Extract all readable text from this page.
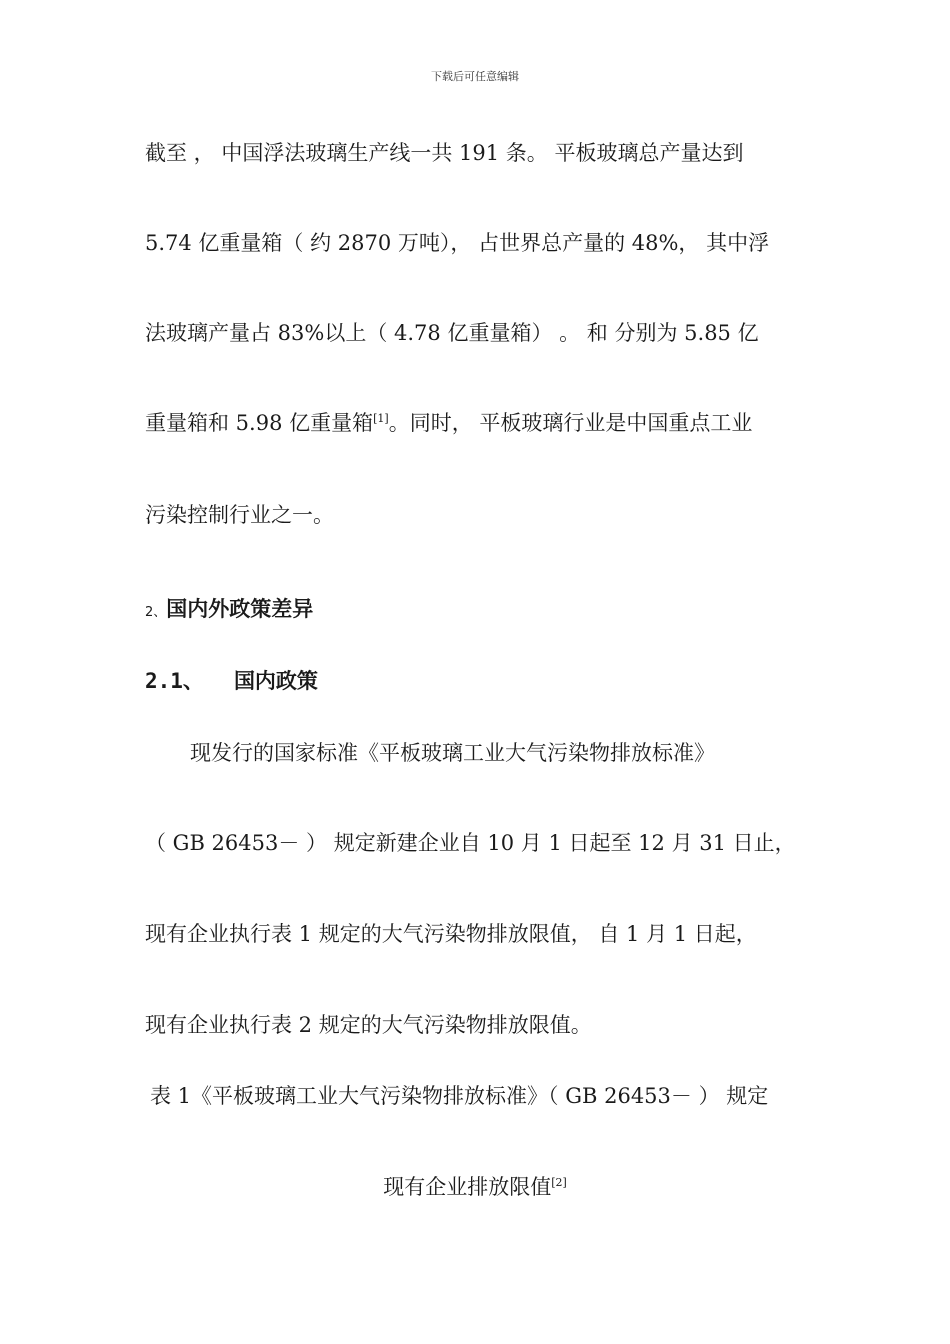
下载后可任意编辑
截至 ， 中国浮法玻璃生产线一共 191 条。 平板玻璃总产量达到
5.74 亿重量箱（ 约 2870 万吨）， 占世界总产量的 48%， 其中浮
法玻璃产量占 83%以上（ 4.78 亿重量箱） 。 和 分别为 5.85 亿
重量箱和 5.98 亿重量箱[1]。同时， 平板玻璃行业是中国重点工业
污染控制行业之一。
2、国内外政策差异
2.1、 国内政策
现发行的国家标准《平板玻璃工业大气污染物排放标准》
（ GB 26453－ ） 规定新建企业自 10 月 1 日起至 12 月 31 日止，
现有企业执行表 1 规定的大气污染物排放限值， 自 1 月 1 日起，
现有企业执行表 2 规定的大气污染物排放限值。
表 1《平板玻璃工业大气污染物排放标准》（ GB 26453－ ） 规定
现有企业排放限值[2]
